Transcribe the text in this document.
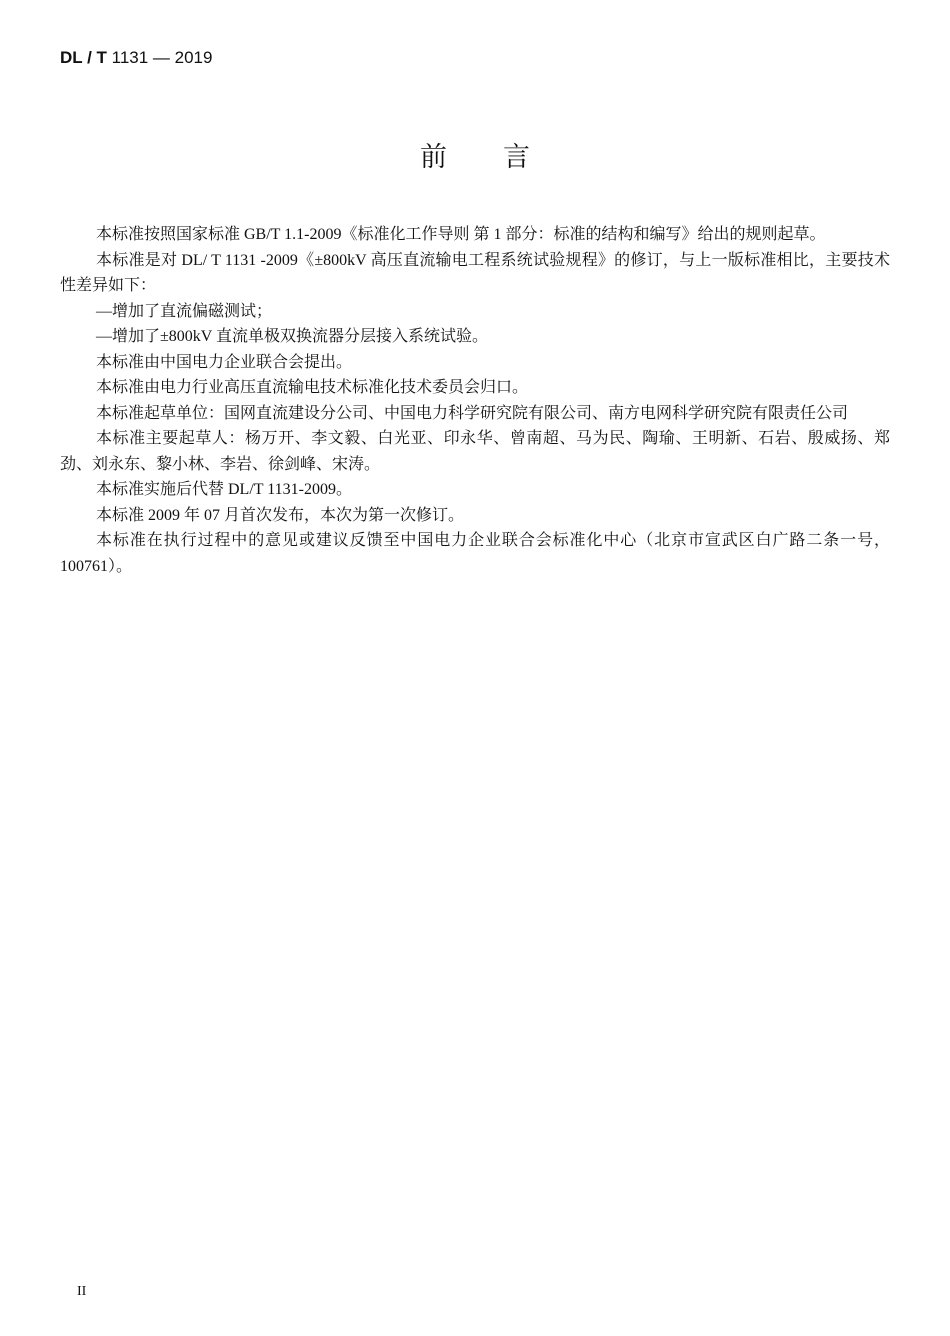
DL / T 1131 — 2019
前言

本标准按照国家标准 GB/T 1.1-2009《标准化工作导则 第 1 部分：标准的结构和编写》给出的规则起草。

本标准是对 DL/ T 1131 -2009《±800kV 高压直流输电工程系统试验规程》的修订，与上一版标准相比，主要技术性差异如下：

—增加了直流偏磁测试；

—增加了±800kV 直流单极双换流器分层接入系统试验。

本标准由中国电力企业联合会提出。

本标准由电力行业高压直流输电技术标准化技术委员会归口。

本标准起草单位：国网直流建设分公司、中国电力科学研究院有限公司、南方电网科学研究院有限责任公司

本标准主要起草人：杨万开、李文毅、白光亚、印永华、曾南超、马为民、陶瑜、王明新、石岩、殷威扬、郑劲、刘永东、黎小林、李岩、徐剑峰、宋涛。

本标准实施后代替 DL/T 1131-2009。

本标准 2009 年 07 月首次发布，本次为第一次修订。

本标准在执行过程中的意见或建议反馈至中国电力企业联合会标准化中心（北京市宣武区白广路二条一号，100761）。

II
